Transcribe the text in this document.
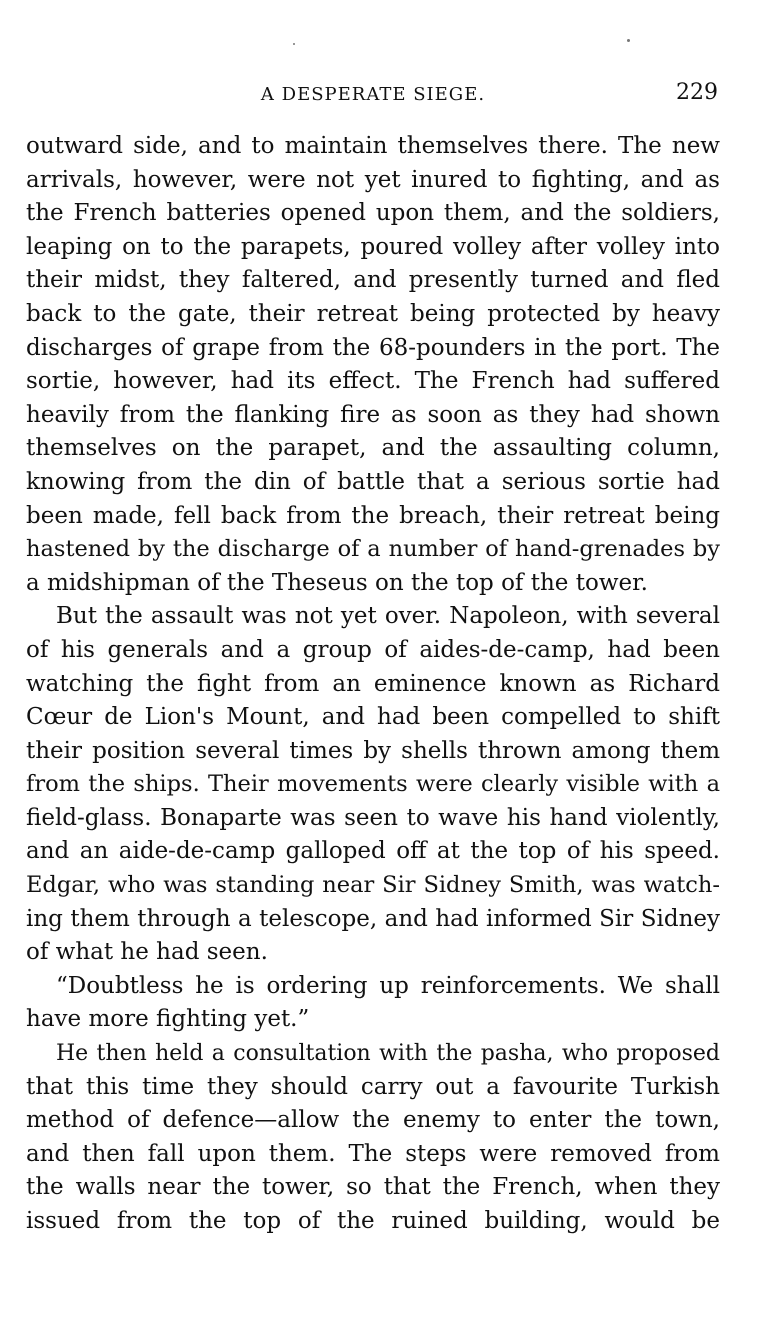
A DESPERATE SIEGE.	229
outward side, and to maintain themselves there. The new
arrivals, however, were not yet inured to fighting, and as
the French batteries opened upon them, and the soldiers,
leaping on to the parapets, poured volley after volley into
their midst, they faltered, and presently turned and fled
back to the gate, their retreat being protected by heavy
discharges of grape from the 68-pounders in the port. The
sortie, however, had its effect. The French had suffered
heavily from the flanking fire as soon as they had shown
themselves on the parapet, and the assaulting column,
knowing from the din of battle that a serious sortie had
been made, fell back from the breach, their retreat being
hastened by the discharge of a number of hand-grenades by
a midshipman of the Theseus on the top of the tower.
But the assault was not yet over. Napoleon, with several
of his generals and a group of aides-de-camp, had been
watching the fight from an eminence known as Richard
Cœur de Lion's Mount, and had been compelled to shift
their position several times by shells thrown among them
from the ships. Their movements were clearly visible with a
field-glass. Bonaparte was seen to wave his hand violently,
and an aide-de-camp galloped off at the top of his speed.
Edgar, who was standing near Sir Sidney Smith, was watch-
ing them through a telescope, and had informed Sir Sidney
of what he had seen.
“Doubtless he is ordering up reinforcements. We shall
have more fighting yet.”
He then held a consultation with the pasha, who proposed
that this time they should carry out a favourite Turkish
method of defence—allow the enemy to enter the town,
and then fall upon them. The steps were removed from
the walls near the tower, so that the French, when they
issued from the top of the ruined building, would be
